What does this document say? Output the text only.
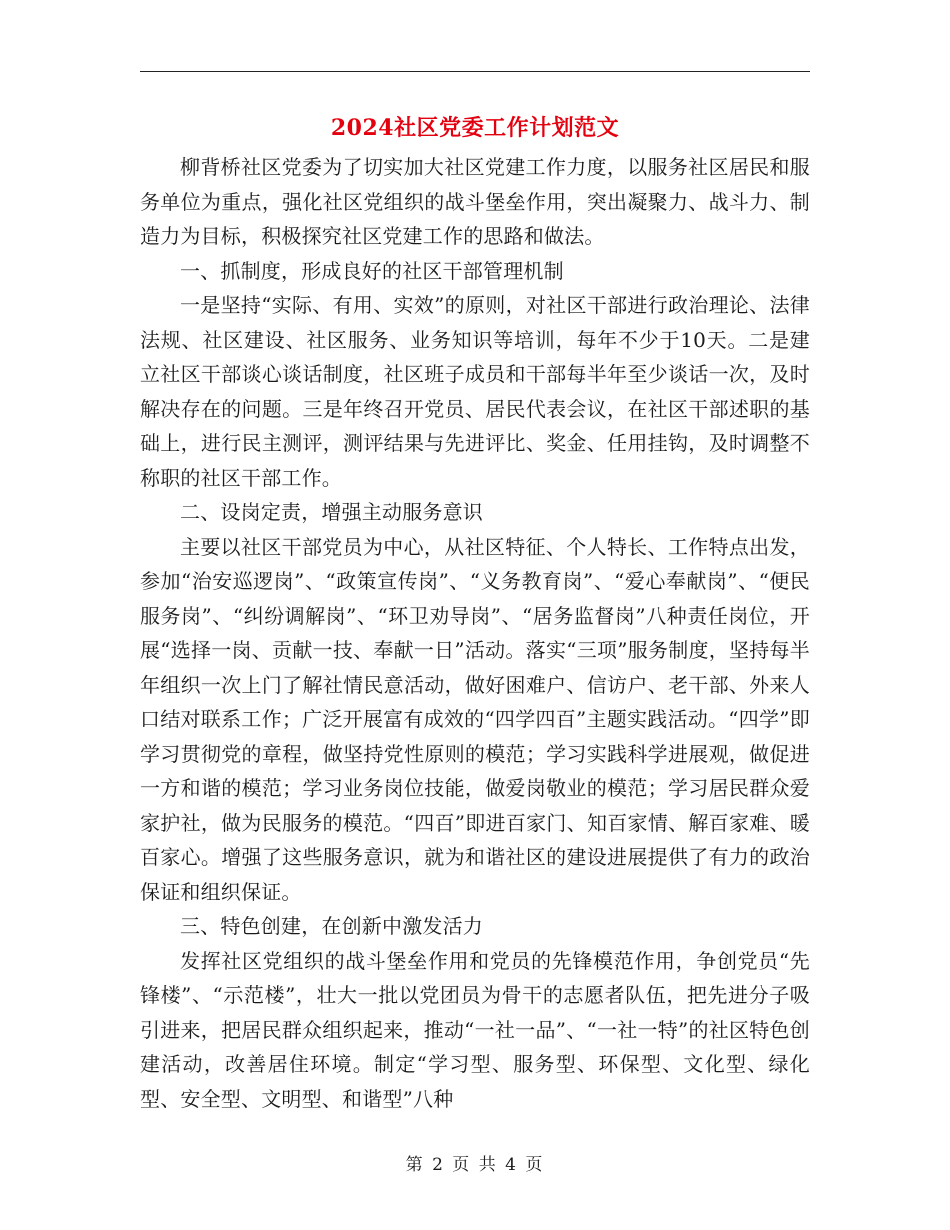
2024社区党委工作计划范文

柳背桥社区党委为了切实加大社区党建工作力度，以服务社区居民和服务单位为重点，强化社区党组织的战斗堡垒作用，突出凝聚力、战斗力、制造力为目标，积极探究社区党建工作的思路和做法。

一、抓制度，形成良好的社区干部管理机制

一是坚持“实际、有用、实效”的原则，对社区干部进行政治理论、法律法规、社区建设、社区服务、业务知识等培训，每年不少于10天。二是建立社区干部谈心谈话制度，社区班子成员和干部每半年至少谈话一次，及时解决存在的问题。三是年终召开党员、居民代表会议，在社区干部述职的基础上，进行民主测评，测评结果与先进评比、奖金、任用挂钩，及时调整不称职的社区干部工作。

二、设岗定责，增强主动服务意识

主要以社区干部党员为中心，从社区特征、个人特长、工作特点出发，参加“治安巡逻岗”、“政策宣传岗”、“义务教育岗”、“爱心奉献岗”、“便民服务岗”、“纠纷调解岗”、“环卫劝导岗”、“居务监督岗”八种责任岗位，开展“选择一岗、贡献一技、奉献一日”活动。落实“三项”服务制度，坚持每半年组织一次上门了解社情民意活动，做好困难户、信访户、老干部、外来人口结对联系工作；广泛开展富有成效的“四学四百”主题实践活动。“四学”即学习贯彻党的章程，做坚持党性原则的模范；学习实践科学进展观，做促进一方和谐的模范；学习业务岗位技能，做爱岗敬业的模范；学习居民群众爱家护社，做为民服务的模范。“四百”即进百家门、知百家情、解百家难、暖百家心。增强了这些服务意识，就为和谐社区的建设进展提供了有力的政治保证和组织保证。

三、特色创建，在创新中激发活力

发挥社区党组织的战斗堡垒作用和党员的先锋模范作用，争创党员“先锋楼”、“示范楼”，壮大一批以党团员为骨干的志愿者队伍，把先进分子吸引进来，把居民群众组织起来，推动“一社一品”、“一社一特”的社区特色创建活动，改善居住环境。制定“学习型、服务型、环保型、文化型、绿化型、安全型、文明型、和谐型”八种

第 2 页 共 4 页
